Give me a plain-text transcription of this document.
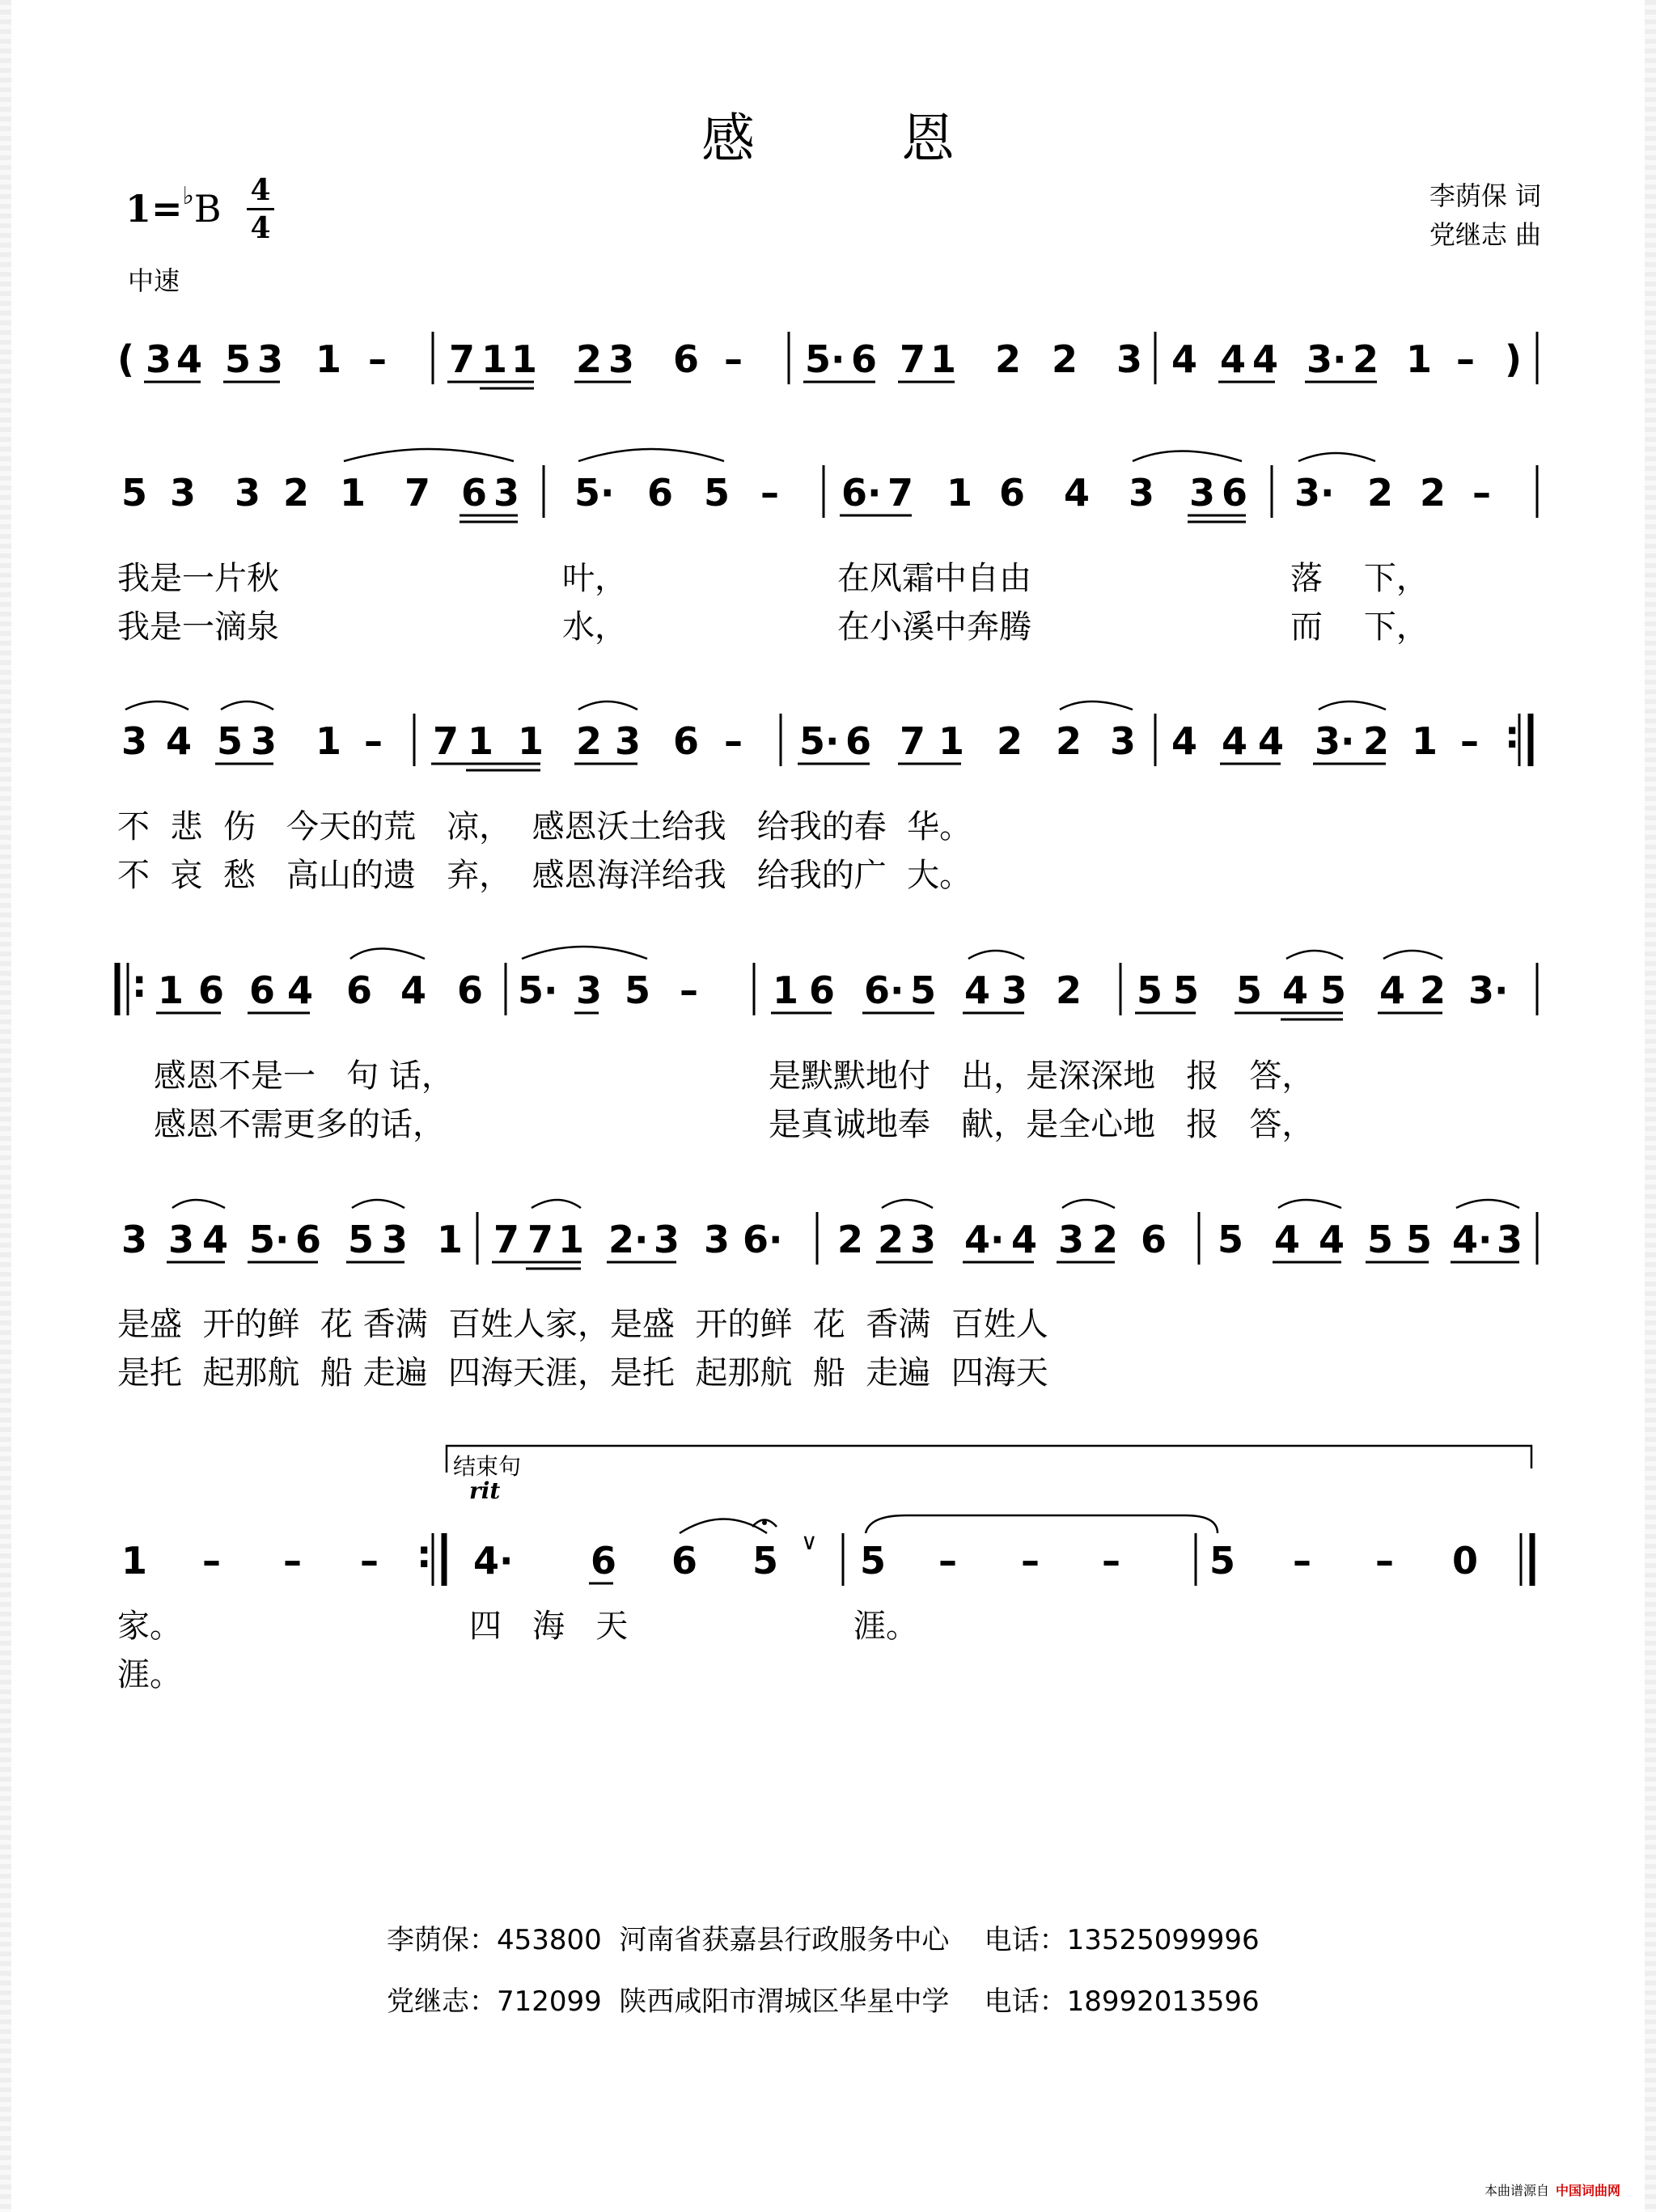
感 恩
1=♭B 4
4
中速
李荫保 词
党继志 曲
( 3 4 5 3 1 – 7 1 1 2 3 6 – 5· 6 7 1 2 2 3 4 4 4 3· 2 1 – )
5 3 3 2 1 7 6 3 5· 6 5 – 6· 7 1 6 4 3 3 6 3· 2 2 –
我是一片秋	叶，	在风霜中自由	落    下，
我是一滴泉	水，	在小溪中奔腾	而    下，
3 4 5 3 1 – 7 1 1 2 3 6 – 5· 6 7 1 2 2 3 4 4 4 3· 2 1 – :
不  悲  伤   今天的荒   凉，  感恩沃土给我   给我的春  华。
不  哀  愁   高山的遗   弃，  感恩海洋给我   给我的广  大。
: 1 6 6 4 6 4 6 5· 3 5 – 1 6 6· 5 4 3 2 5 5 5 4 5 4 2 3·
感恩不是一   句 话，	是默默地付   出，是深深地   报   答，
感恩不需更多的话，	是真诚地奉   献，是全心地   报   答，
3 3 4 5· 6 5 3 1 7 7 1 2· 3 3 6· 2 2 3 4· 4 3 2 6 5 4 4 5 5 4· 3
是盛  开的鲜  花 香满  百姓人家，是盛  开的鲜  花  香满  百姓人
是托  起那航  船 走遍  四海天涯，是托  起那航  船  走遍  四海天
结束句
rit
1 – – – : 4· 6 6 5 ∨ 5 – – – 5 – – 0
家。	四   海   天	涯。
涯。
李荫保：453800  河南省获嘉县行政服务中心    电话：13525099996
党继志：712099  陕西咸阳市渭城区华星中学    电话：18992013596
本曲谱源自 中国词曲网
